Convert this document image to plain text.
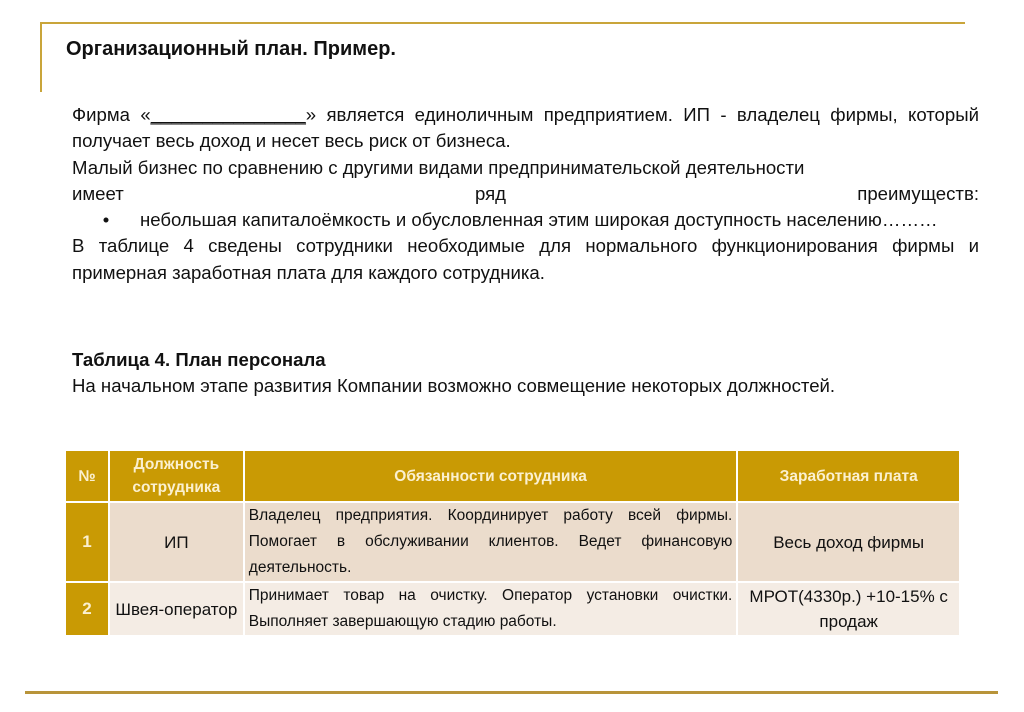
Организационный план. Пример.

Фирма «_______________» является единоличным предприятием. ИП - владелец фирмы, который получает весь доход и несет весь риск от бизнеса.

Малый бизнес по сравнению с другими видами предпринимательской деятельности

имеет ряд преимуществ:

• небольшая капиталоёмкость и обусловленная этим широкая доступность населению………

В таблице 4 сведены сотрудники необходимые для нормального функционирования фирмы и примерная заработная плата для каждого сотрудника.

Таблица 4. План персонала
На начальном этапе развития Компании возможно совмещение некоторых должностей.
№	Должность сотрудника	Обязанности сотрудника	Заработная плата
1	ИП	Владелец предприятия. Координирует работу всей фирмы. Помогает в обслуживании клиентов. Ведет финансовую деятельность.	Весь доход фирмы
2	Швея-оператор	Принимает товар на очистку. Оператор установки очистки. Выполняет завершающую стадию работы.	МРОТ(4330р.) +10-15% с продаж
